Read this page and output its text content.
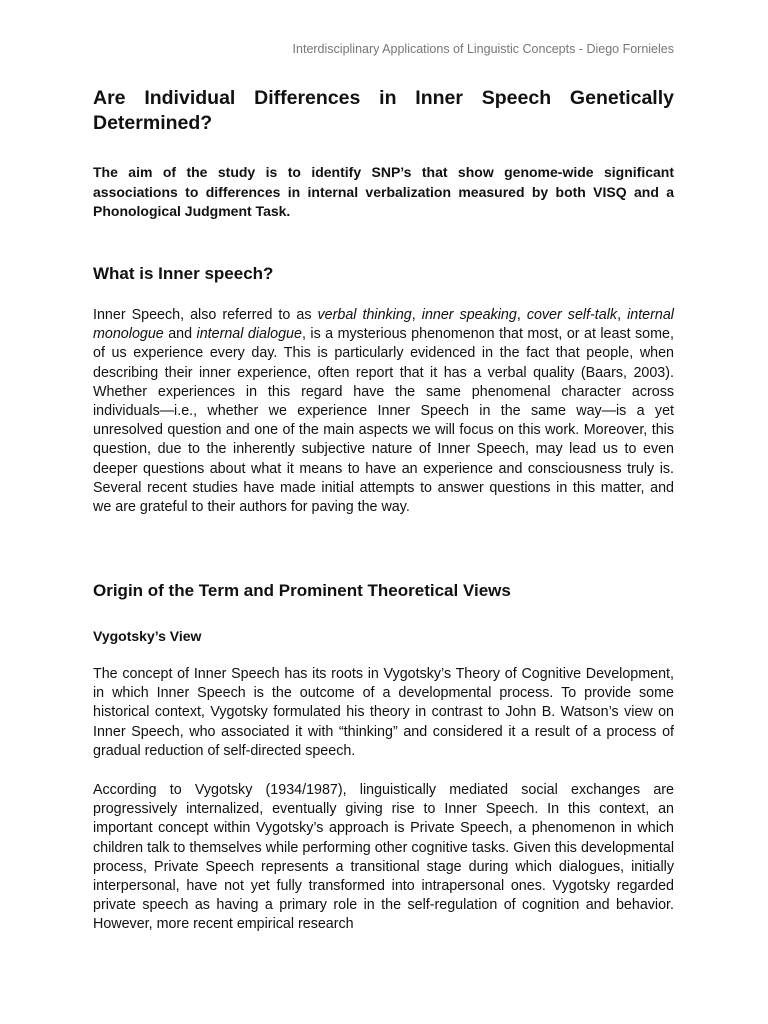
Interdisciplinary Applications of Linguistic Concepts - Diego Fornieles
Are Individual Differences in Inner Speech Genetically Determined?

The aim of the study is to identify SNP’s that show genome-wide significant associations to differences in internal verbalization measured by both VISQ and a Phonological Judgment Task.

What is Inner speech?

Inner Speech, also referred to as verbal thinking, inner speaking, cover self-talk, internal monologue and internal dialogue, is a mysterious phenomenon that most, or at least some, of us experience every day. This is particularly evidenced in the fact that people, when describing their inner experience, often report that it has a verbal quality (Baars, 2003). Whether experiences in this regard have the same phenomenal character across individuals—i.e., whether we experience Inner Speech in the same way—is a yet unresolved question and one of the main aspects we will focus on this work. Moreover, this question, due to the inherently subjective nature of Inner Speech, may lead us to even deeper questions about what it means to have an experience and consciousness truly is. Several recent studies have made initial attempts to answer questions in this matter, and we are grateful to their authors for paving the way.

Origin of the Term and Prominent Theoretical Views
Vygotsky’s View

The concept of Inner Speech has its roots in Vygotsky’s Theory of Cognitive Development, in which Inner Speech is the outcome of a developmental process. To provide some historical context, Vygotsky formulated his theory in contrast to John B. Watson’s view on Inner Speech, who associated it with “thinking” and considered it a result of a process of gradual reduction of self-directed speech.

According to Vygotsky (1934/1987), linguistically mediated social exchanges are progressively internalized, eventually giving rise to Inner Speech. In this context, an important concept within Vygotsky’s approach is Private Speech, a phenomenon in which children talk to themselves while performing other cognitive tasks. Given this developmental process, Private Speech represents a transitional stage during which dialogues, initially interpersonal, have not yet fully transformed into intrapersonal ones. Vygotsky regarded private speech as having a primary role in the self-regulation of cognition and behavior. However, more recent empirical research
